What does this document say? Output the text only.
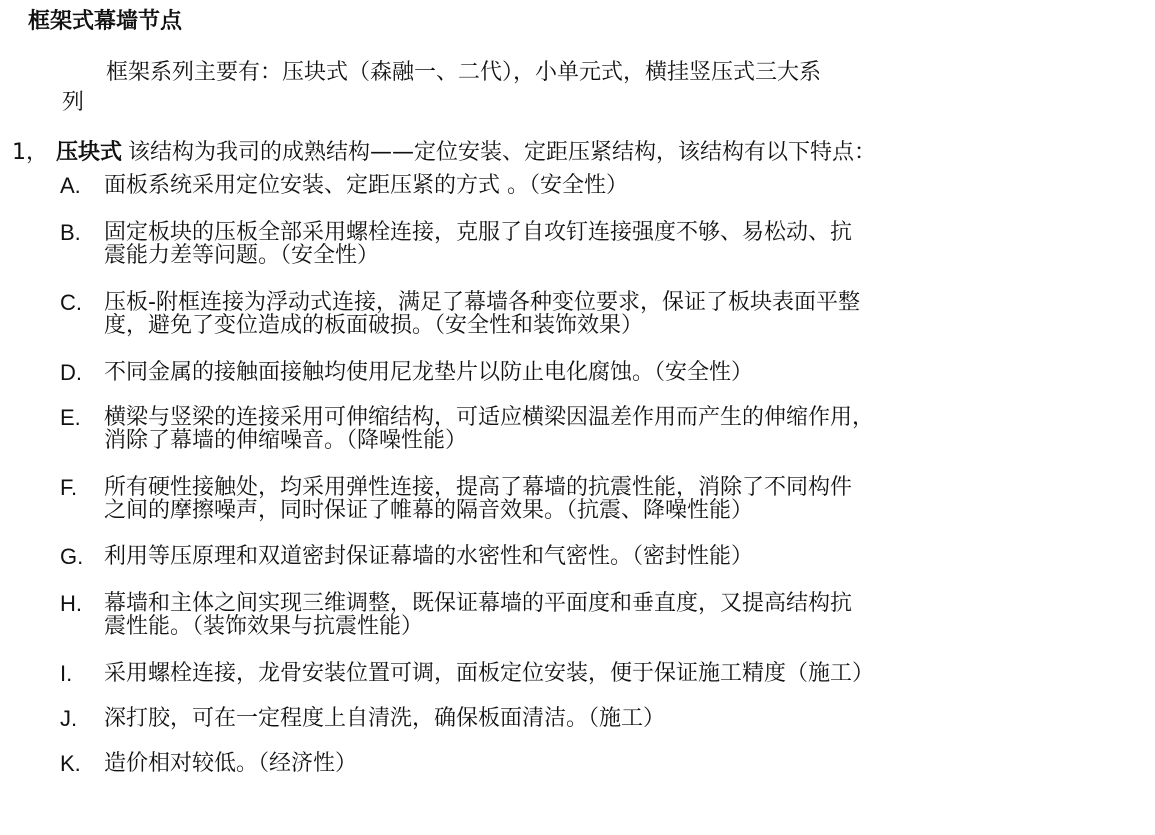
框架式幕墙节点
框架系列主要有：压块式（森融一、二代），小单元式，横挂竖压式三大系
列
1， 压块式 该结构为我司的成熟结构——定位安装、定距压紧结构，该结构有以下特点：
A.	面板系统采用定位安装、定距压紧的方式 。（安全性）
B.	固定板块的压板全部采用螺栓连接，克服了自攻钉连接强度不够、易松动、抗
震能力差等问题。（安全性）
C.	压板-附框连接为浮动式连接，满足了幕墙各种变位要求，保证了板块表面平整
度，避免了变位造成的板面破损。（安全性和装饰效果）
D.	不同金属的接触面接触均使用尼龙垫片以防止电化腐蚀。（安全性）
E.	横梁与竖梁的连接采用可伸缩结构，可适应横梁因温差作用而产生的伸缩作用，
消除了幕墙的伸缩噪音。（降噪性能）
F.	所有硬性接触处，均采用弹性连接，提高了幕墙的抗震性能，消除了不同构件
之间的摩擦噪声，同时保证了帷幕的隔音效果。（抗震、降噪性能）
G. 利用等压原理和双道密封保证幕墙的水密性和气密性。（密封性能）
H.	幕墙和主体之间实现三维调整，既保证幕墙的平面度和垂直度，又提高结构抗
震性能。（装饰效果与抗震性能）
I.	采用螺栓连接，龙骨安装位置可调，面板定位安装，便于保证施工精度（施工）
J.	深打胶，可在一定程度上自清洗，确保板面清洁。（施工）
K.	造价相对较低。（经济性）
